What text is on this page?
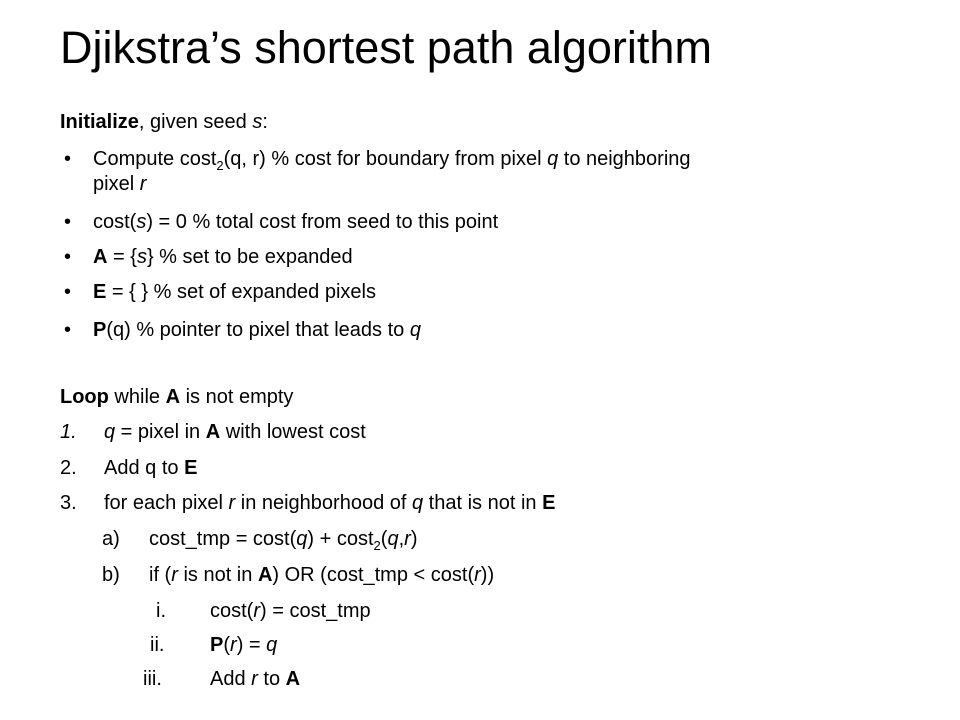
Djikstra’s shortest path algorithm
Initialize, given seed s:
• Compute cost$_2$(q, r) % cost for boundary from pixel q to neighboring
pixel r
• cost(s) = 0 % total cost from seed to this point
• A = {s} % set to be expanded
• E = { } % set of expanded pixels
• P(q) % pointer to pixel that leads to q
Loop while A is not empty
1. q = pixel in A with lowest cost
2. Add q to E
3. for each pixel r in neighborhood of q that is not in E
a) cost_tmp = cost(q) + cost$_2$(q,r)
b) if (r is not in A) OR (cost_tmp < cost(r))
i. cost(r) = cost_tmp
ii. P(r) = q
iii. Add r to A
